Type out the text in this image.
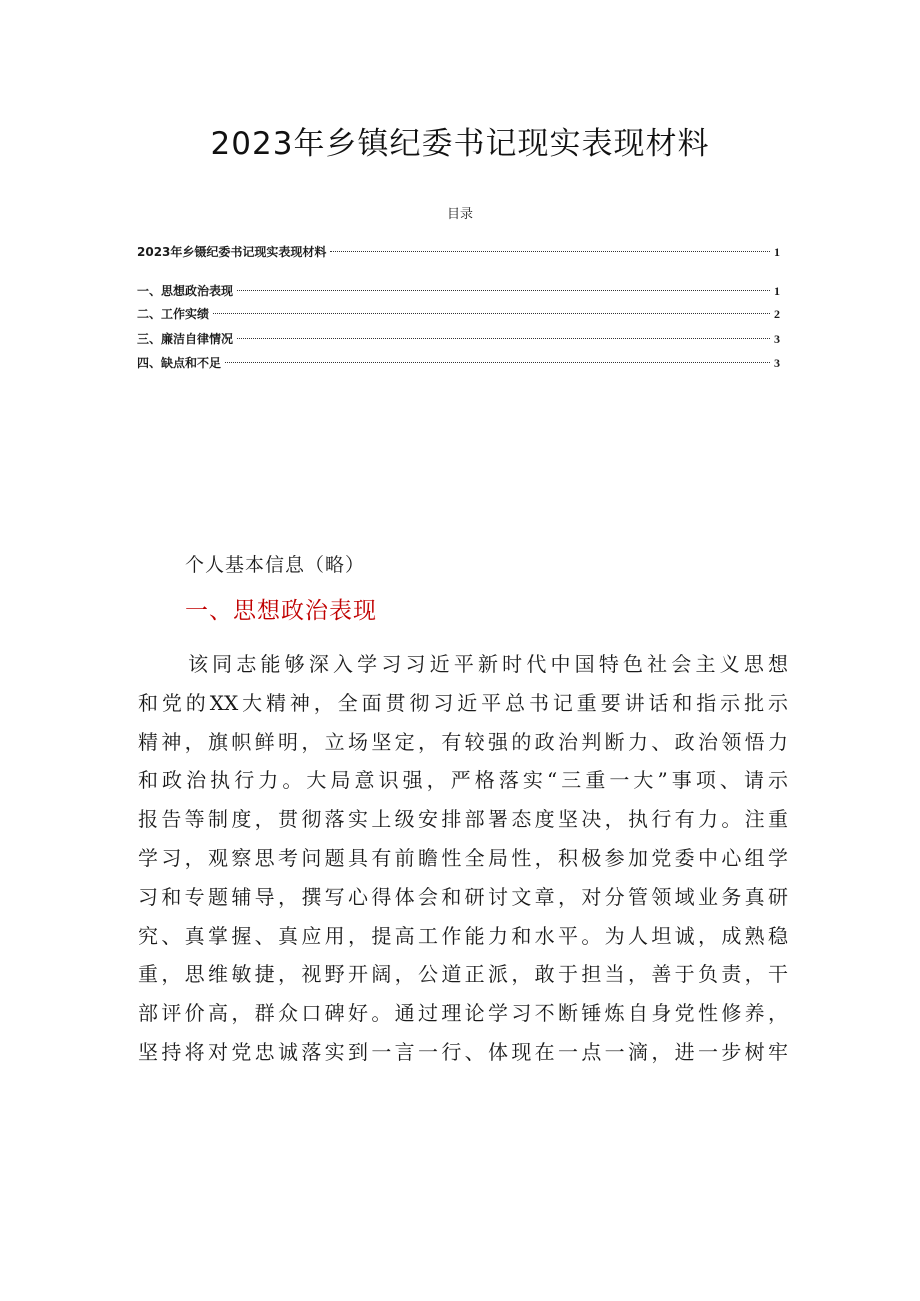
2023年乡镇纪委书记现实表现材料
目录
2023年乡镊纪委书记现实表现材料	1
一、思想政治表现	1
二、工作实绩	2
三、廉洁自律情况	3
四、缺点和不足	3
个人基本信息（略）
一、思想政治表现
该同志能够深入学习习近平新时代中国特色社会主义思想
和党的XX大精神，全面贯彻习近平总书记重要讲话和指示批示
精神，旗帜鲜明，立场坚定，有较强的政治判断力、政治领悟力
和政治执行力。大局意识强，严格落实“三重一大”事项、请示
报告等制度，贯彻落实上级安排部署态度坚决，执行有力。注重
学习，观察思考问题具有前瞻性全局性，积极参加党委中心组学
习和专题辅导，撰写心得体会和研讨文章，对分管领域业务真研
究、真掌握、真应用，提高工作能力和水平。为人坦诚，成熟稳
重，思维敏捷，视野开阔，公道正派，敢于担当，善于负责，干
部评价高，群众口碑好。通过理论学习不断锤炼自身党性修养，
坚持将对党忠诚落实到一言一行、体现在一点一滴，进一步树牢
